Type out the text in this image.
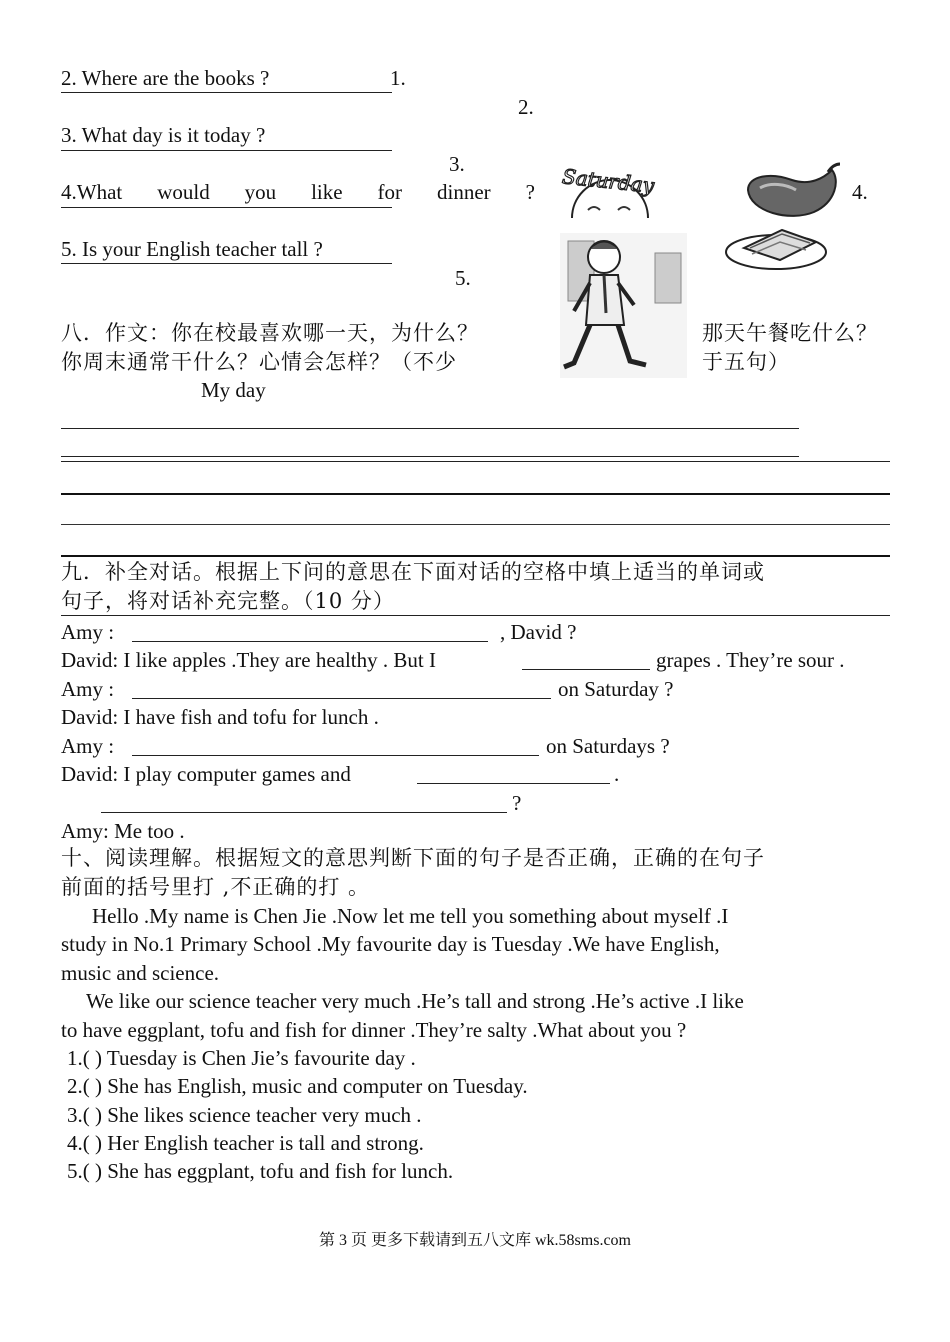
2. Where are the books ?	1.
2.
3. What day is it today ?
3.
4.What would you like for dinner ?	4.
5. Is your English teacher tall ?
5.
Saturday
八．作文：你在校最喜欢哪一天，为什么？	那天午餐吃什么？
你周末通常干什么？心情会怎样？（不少	于五句）
My day
九．补全对话。根据上下问的意思在下面对话的空格中填上适当的单词或
句子，将对话补充完整。（10 分）
Amy :	, David ?
David: I like apples .They are healthy . But I	grapes . They’re sour .
Amy :	on Saturday ?
David: I have fish and tofu for lunch .
Amy :	on Saturdays ?
David: I play computer games and	.
?
Amy: Me too .
十、阅读理解。根据短文的意思判断下面的句子是否正确，正确的在句子
前面的括号里打 ,不正确的打 。
Hello .My name is Chen Jie .Now let me tell you something about myself .I
study in No.1 Primary School .My favourite day is Tuesday .We have English,
music and science.
We like our science teacher very much .He’s tall and strong .He’s active .I like
to have eggplant, tofu and fish for dinner .They’re salty .What about you ?
1.( ) Tuesday is Chen Jie’s favourite day .
2.( ) She has English, music and computer on Tuesday.
3.( ) She likes science teacher very much .
4.( ) Her English teacher is tall and strong.
5.( ) She has eggplant, tofu and fish for lunch.
第 3 页 更多下载请到五八文库 wk.58sms.com
